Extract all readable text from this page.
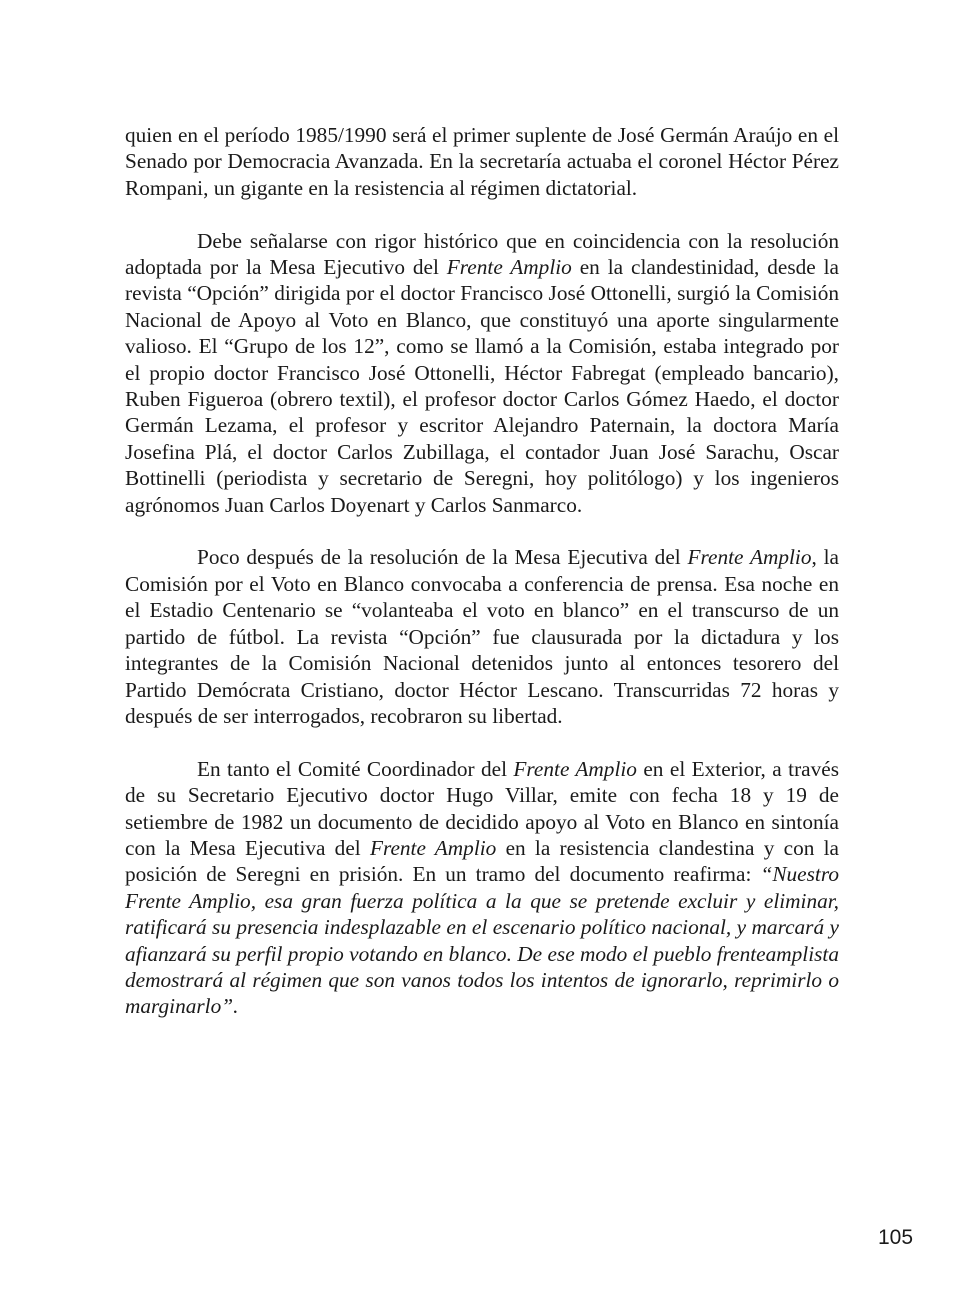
quien en el período 1985/1990 será el primer suplente de José Germán Araújo en el Senado por Democracia Avanzada. En la secretaría actuaba el coronel Héctor Pérez Rompani, un gigante en la resistencia al régimen dictatorial.

Debe señalarse con rigor histórico que en coincidencia con la resolución adoptada por la Mesa Ejecutivo del Frente Amplio en la clandestinidad, desde la revista “Opción” dirigida por el doctor Francisco José Ottonelli, surgió la Comisión Nacional de Apoyo al Voto en Blanco, que constituyó una aporte singularmente valioso. El “Grupo de los 12”, como se llamó a la Comisión, estaba integrado por el propio doctor Francisco José Ottonelli, Héctor Fabregat (empleado bancario), Ruben Figueroa (obrero textil), el profesor doctor Carlos Gómez Haedo, el doctor Germán Lezama, el profesor y escritor Alejandro Paternain, la doctora María Josefina Plá, el doctor Carlos Zubillaga, el contador Juan José Sarachu, Oscar Bottinelli (periodista y secretario de Seregni, hoy politólogo) y los ingenieros agrónomos Juan Carlos Doyenart y Carlos Sanmarco.

Poco después de la resolución de la Mesa Ejecutiva del Frente Amplio, la Comisión por el Voto en Blanco convocaba a conferencia de prensa. Esa noche en el Estadio Centenario se “volanteaba el voto en blanco” en el transcurso de un partido de fútbol. La revista “Opción” fue clausurada por la dictadura y los integrantes de la Comisión Nacional detenidos junto al entonces tesorero del Partido Demócrata Cristiano, doctor Héctor Lescano. Transcurridas 72 horas y después de ser interrogados, recobraron su libertad.

En tanto el Comité Coordinador del Frente Amplio en el Exterior, a través de su Secretario Ejecutivo doctor Hugo Villar, emite con fecha 18 y 19 de setiembre de 1982 un documento de decidido apoyo al Voto en Blanco en sintonía con la Mesa Ejecutiva del Frente Amplio en la resistencia clandestina y con la posición de Seregni en prisión. En un tramo del documento reafirma: “Nuestro Frente Amplio, esa gran fuerza política a la que se pretende excluir y eliminar, ratificará su presencia indesplazable en el escenario político nacional, y marcará y afianzará su perfil propio votando en blanco. De ese modo el pueblo frenteamplista demostrará al régimen que son vanos todos los intentos de ignorarlo, reprimirlo o marginarlo”.

105
